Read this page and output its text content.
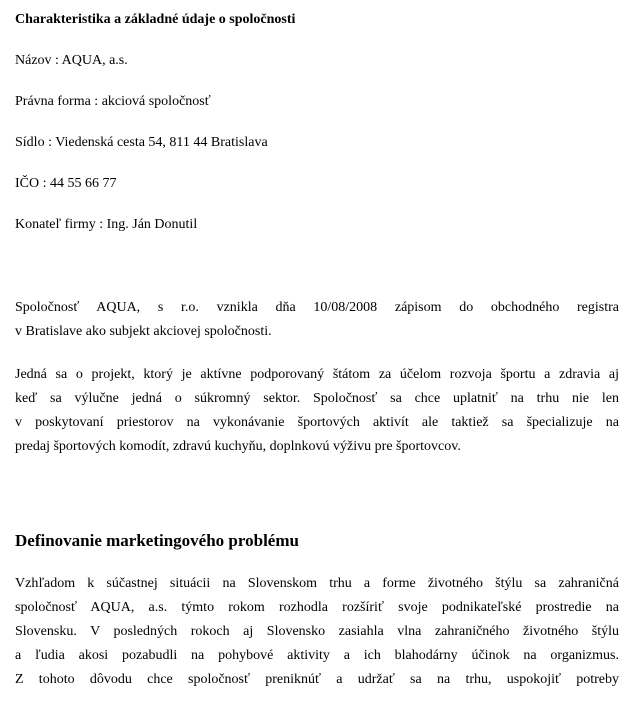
Charakteristika a základné údaje o spoločnosti
Názov : AQUA, a.s.
Právna forma : akciová spoločnosť
Sídlo : Viedenská cesta 54, 811 44 Bratislava
IČO : 44 55 66 77
Konateľ firmy : Ing. Ján Donutil
Spoločnosť AQUA, s r.o. vznikla dňa 10/08/2008 zápisom do obchodného registra
v Bratislave ako subjekt akciovej spoločnosti.
Jedná sa o projekt, ktorý je aktívne podporovaný štátom za účelom rozvoja športu a zdravia aj
keď sa výlučne jedná o súkromný sektor. Spoločnosť sa chce uplatniť na trhu nie len
v poskytovaní priestorov na vykonávanie športových aktivít ale taktiež sa špecializuje na
predaj športových komodít, zdravú kuchyňu, doplnkovú výživu pre športovcov.
Definovanie marketingového problému
Vzhľadom k súčastnej situácii na Slovenskom trhu a forme životného štýlu sa zahraničná
spoločnosť AQUA, a.s. týmto rokom rozhodla rozšíriť svoje podnikateľské prostredie na
Slovensku. V posledných rokoch aj Slovensko zasiahla vlna zahraničného životného štýlu
a ľudia akosi pozabudli na pohybové aktivity a ich blahodárny účinok na organizmus.
Z tohoto dôvodu chce spoločnosť preniknúť a udržať sa na trhu, uspokojiť potreby
